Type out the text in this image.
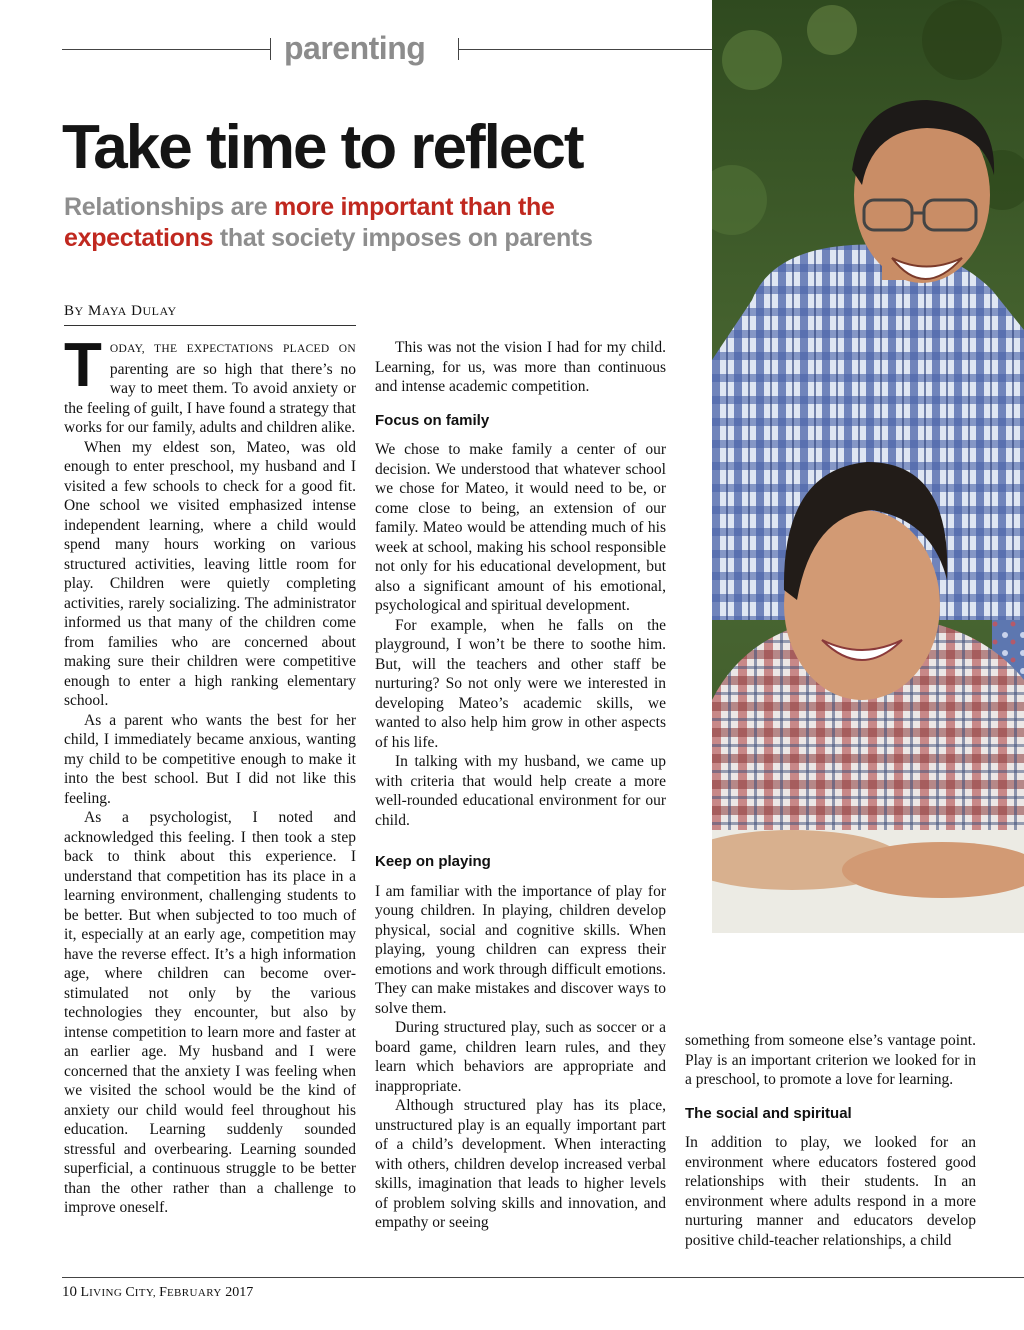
parenting
Take time to reflect
Relationships are more important than the expectations that society imposes on parents
BY MAYA DULAY

TODAY, THE EXPECTATIONS PLACED ON parenting are so high that there’s no way to meet them. To avoid anxiety or the feeling of guilt, I have found a strategy that works for our family, adults and children alike.

When my eldest son, Mateo, was old enough to enter preschool, my husband and I visited a few schools to check for a good fit. One school we visited emphasized intense independent learning, where a child would spend many hours working on various structured activities, leaving little room for play. Children were quietly completing activities, rarely socializing. The administrator informed us that many of the children come from families who are concerned about making sure their children were competitive enough to enter a high ranking elementary school.

As a parent who wants the best for her child, I immediately became anxious, wanting my child to be competitive enough to make it into the best school. But I did not like this feeling.

As a psychologist, I noted and acknowledged this feeling. I then took a step back to think about this experience. I understand that competition has its place in a learning environment, challenging students to be better. But when subjected to too much of it, especially at an early age, competition may have the reverse effect. It’s a high information age, where children can become over-stimulated not only by the various technologies they encounter, but also by intense competition to learn more and faster at an earlier age. My husband and I were concerned that the anxiety I was feeling when we visited the school would be the kind of anxiety our child would feel throughout his education. Learning suddenly sounded stressful and overbearing. Learning sounded superficial, a continuous struggle to be better than the other rather than a challenge to improve oneself.

This was not the vision I had for my child. Learning, for us, was more than continuous and intense academic competition.

Focus on family

We chose to make family a center of our decision. We understood that whatever school we chose for Mateo, it would need to be, or come close to being, an extension of our family. Mateo would be attending much of his week at school, making his school responsible not only for his educational development, but also a significant amount of his emotional, psychological and spiritual development.

For example, when he falls on the playground, I won’t be there to soothe him. But, will the teachers and other staff be nurturing? So not only were we interested in developing Mateo’s academic skills, we wanted to also help him grow in other aspects of his life.

In talking with my husband, we came up with criteria that would help create a more well-rounded educational environment for our child.

Keep on playing

I am familiar with the importance of play for young children. In playing, children develop physical, social and cognitive skills. When playing, young children can express their emotions and work through difficult emotions. They can make mistakes and discover ways to solve them.

During structured play, such as soccer or a board game, children learn rules, and they learn which behaviors are appropriate and inappropriate.

Although structured play has its place, unstructured play is an equally important part of a child’s development. When interacting with others, children develop increased verbal skills, imagination that leads to higher levels of problem solving skills and innovation, and empathy or seeing

something from someone else’s vantage point. Play is an important criterion we looked for in a preschool, to promote a love for learning.

The social and spiritual

In addition to play, we looked for an environment where educators fostered good relationships with their students. In an environment where adults respond in a more nurturing manner and educators develop positive child-teacher relationships, a child

10 LIVING CITY, FEBRUARY 2017
